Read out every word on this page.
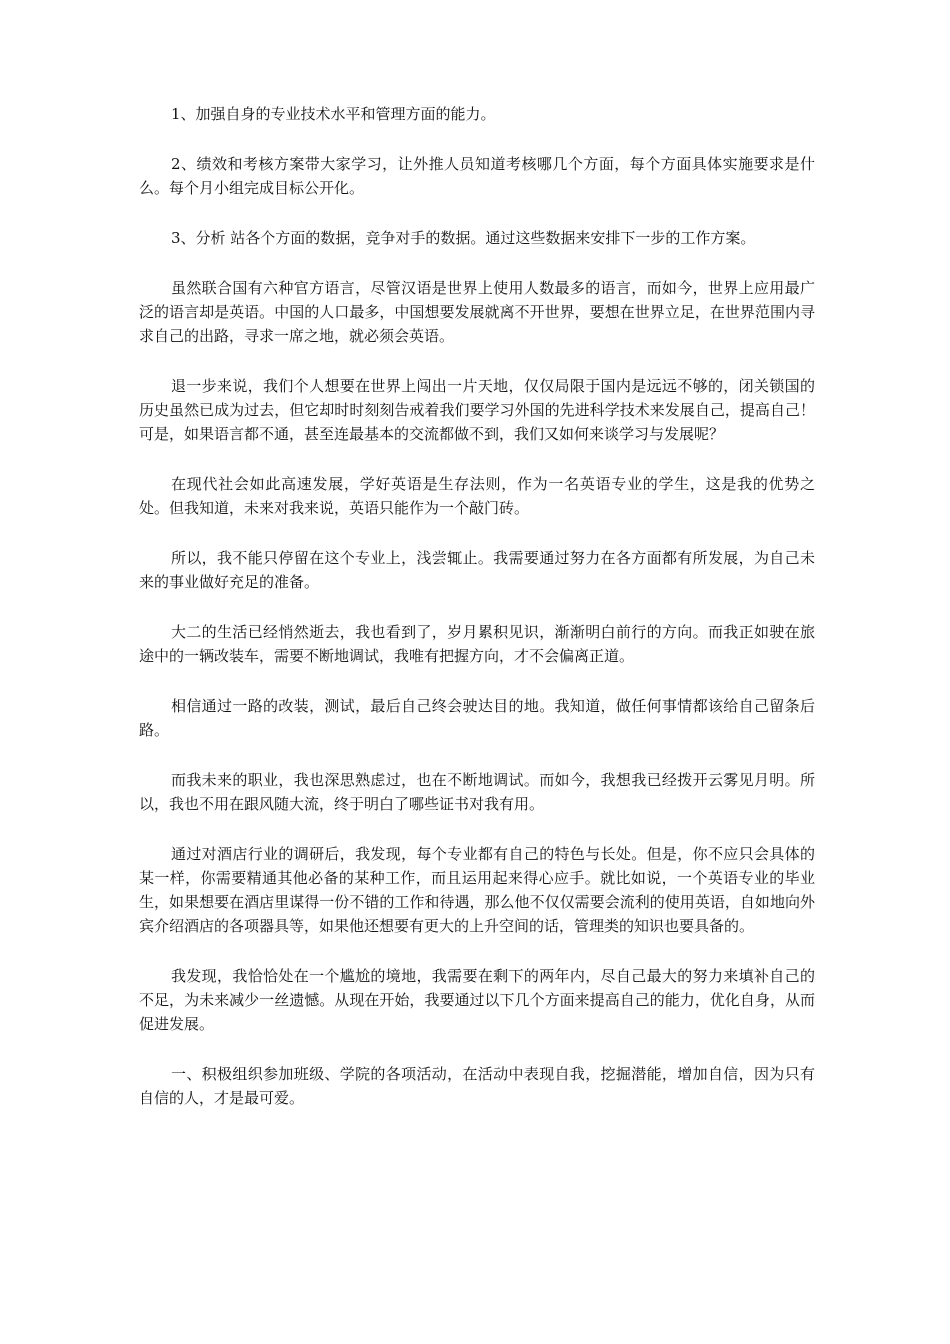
1、加强自身的专业技术水平和管理方面的能力。

2、绩效和考核方案带大家学习，让外推人员知道考核哪几个方面，每个方面具体实施要求是什么。每个月小组完成目标公开化。

3、分析 站各个方面的数据，竞争对手的数据。通过这些数据来安排下一步的工作方案。

虽然联合国有六种官方语言，尽管汉语是世界上使用人数最多的语言，而如今，世界上应用最广泛的语言却是英语。中国的人口最多，中国想要发展就离不开世界，要想在世界立足，在世界范围内寻求自己的出路，寻求一席之地，就必须会英语。

退一步来说，我们个人想要在世界上闯出一片天地，仅仅局限于国内是远远不够的，闭关锁国的历史虽然已成为过去，但它却时时刻刻告戒着我们要学习外国的先进科学技术来发展自己，提高自己！可是，如果语言都不通，甚至连最基本的交流都做不到，我们又如何来谈学习与发展呢？

在现代社会如此高速发展，学好英语是生存法则，作为一名英语专业的学生，这是我的优势之处。但我知道，未来对我来说，英语只能作为一个敲门砖。

所以，我不能只停留在这个专业上，浅尝辄止。我需要通过努力在各方面都有所发展，为自己未来的事业做好充足的准备。

大二的生活已经悄然逝去，我也看到了，岁月累积见识，渐渐明白前行的方向。而我正如驶在旅途中的一辆改装车，需要不断地调试，我唯有把握方向，才不会偏离正道。

相信通过一路的改装，测试，最后自己终会驶达目的地。我知道，做任何事情都该给自己留条后路。

而我未来的职业，我也深思熟虑过，也在不断地调试。而如今，我想我已经拨开云雾见月明。所以，我也不用在跟风随大流，终于明白了哪些证书对我有用。

通过对酒店行业的调研后，我发现，每个专业都有自己的特色与长处。但是，你不应只会具体的某一样，你需要精通其他必备的某种工作，而且运用起来得心应手。就比如说，一个英语专业的毕业生，如果想要在酒店里谋得一份不错的工作和待遇，那么他不仅仅需要会流利的使用英语，自如地向外宾介绍酒店的各项器具等，如果他还想要有更大的上升空间的话，管理类的知识也要具备的。

我发现，我恰恰处在一个尴尬的境地，我需要在剩下的两年内，尽自己最大的努力来填补自己的不足，为未来减少一丝遗憾。从现在开始，我要通过以下几个方面来提高自己的能力，优化自身，从而促进发展。

一、积极组织参加班级、学院的各项活动，在活动中表现自我，挖掘潜能，增加自信，因为只有自信的人，才是最可爱。
